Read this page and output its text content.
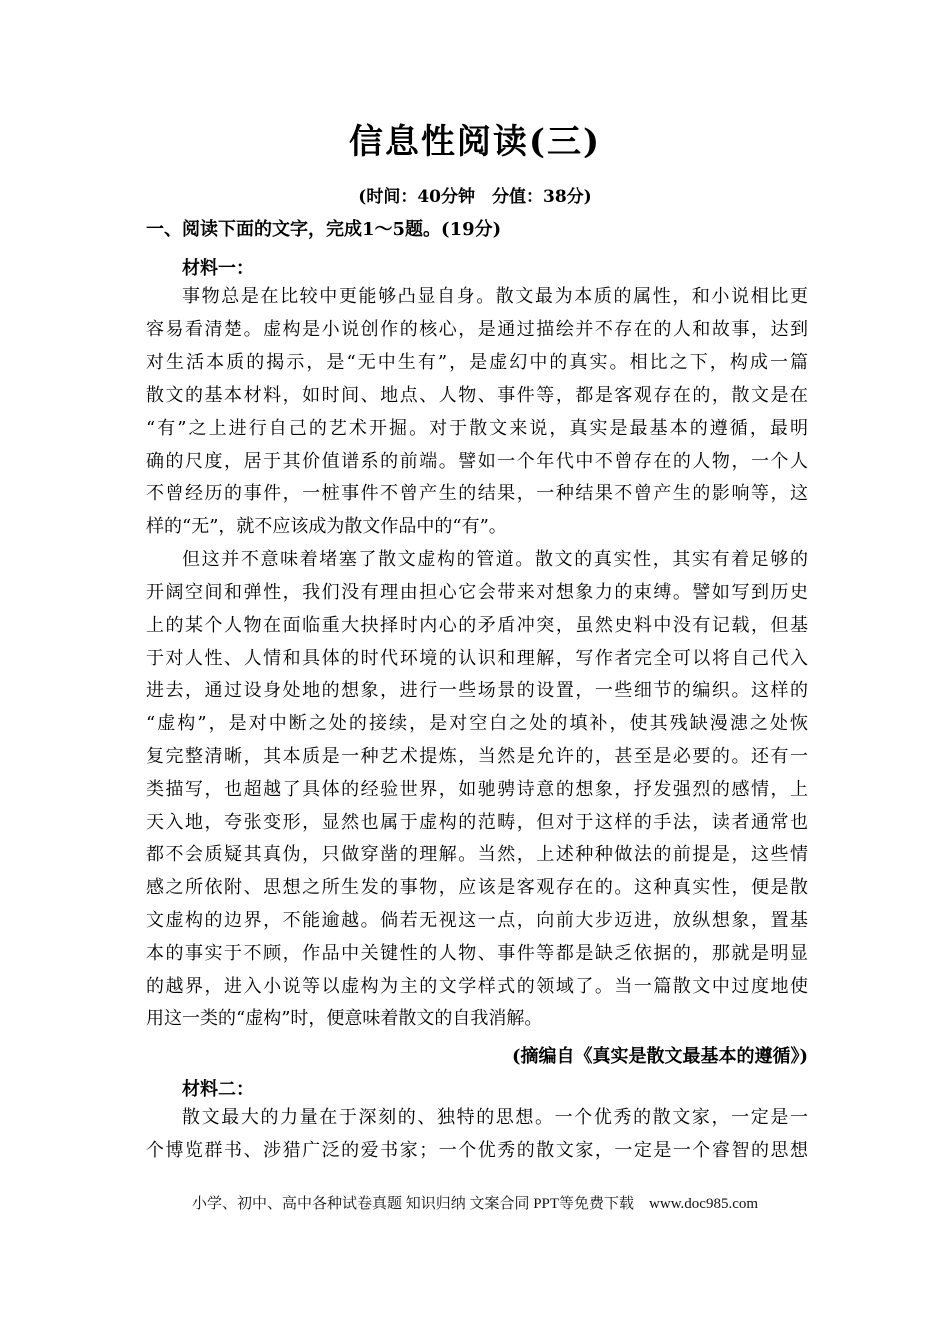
信息性阅读(三)
(时间：40分钟　分值：38分)
一、阅读下面的文字，完成1～5题。(19分)
材料一：
事物总是在比较中更能够凸显自身。散文最为本质的属性，和小说相比更
容易看清楚。虚构是小说创作的核心，是通过描绘并不存在的人和故事，达到
对生活本质的揭示，是“无中生有”，是虚幻中的真实。相比之下，构成一篇
散文的基本材料，如时间、地点、人物、事件等，都是客观存在的，散文是在
“有”之上进行自己的艺术开掘。对于散文来说，真实是最基本的遵循，最明
确的尺度，居于其价值谱系的前端。譬如一个年代中不曾存在的人物，一个人
不曾经历的事件，一桩事件不曾产生的结果，一种结果不曾产生的影响等，这
样的“无”，就不应该成为散文作品中的“有”。
但这并不意味着堵塞了散文虚构的管道。散文的真实性，其实有着足够的
开阔空间和弹性，我们没有理由担心它会带来对想象力的束缚。譬如写到历史
上的某个人物在面临重大抉择时内心的矛盾冲突，虽然史料中没有记载，但基
于对人性、人情和具体的时代环境的认识和理解，写作者完全可以将自己代入
进去，通过设身处地的想象，进行一些场景的设置，一些细节的编织。这样的
“虚构”，是对中断之处的接续，是对空白之处的填补，使其残缺漫漶之处恢
复完整清晰，其本质是一种艺术提炼，当然是允许的，甚至是必要的。还有一
类描写，也超越了具体的经验世界，如驰骋诗意的想象，抒发强烈的感情，上
天入地，夸张变形，显然也属于虚构的范畴，但对于这样的手法，读者通常也
都不会质疑其真伪，只做穿凿的理解。当然，上述种种做法的前提是，这些情
感之所依附、思想之所生发的事物，应该是客观存在的。这种真实性，便是散
文虚构的边界，不能逾越。倘若无视这一点，向前大步迈进，放纵想象，置基
本的事实于不顾，作品中关键性的人物、事件等都是缺乏依据的，那就是明显
的越界，进入小说等以虚构为主的文学样式的领域了。当一篇散文中过度地使
用这一类的“虚构”时，便意味着散文的自我消解。
(摘编自《真实是散文最基本的遵循》)
材料二：
散文最大的力量在于深刻的、独特的思想。一个优秀的散文家，一定是一
个博览群书、涉猎广泛的爱书家；一个优秀的散文家，一定是一个睿智的思想
小学、初中、高中各种试卷真题 知识归纳 文案合同 PPT等免费下载　www.doc985.com
